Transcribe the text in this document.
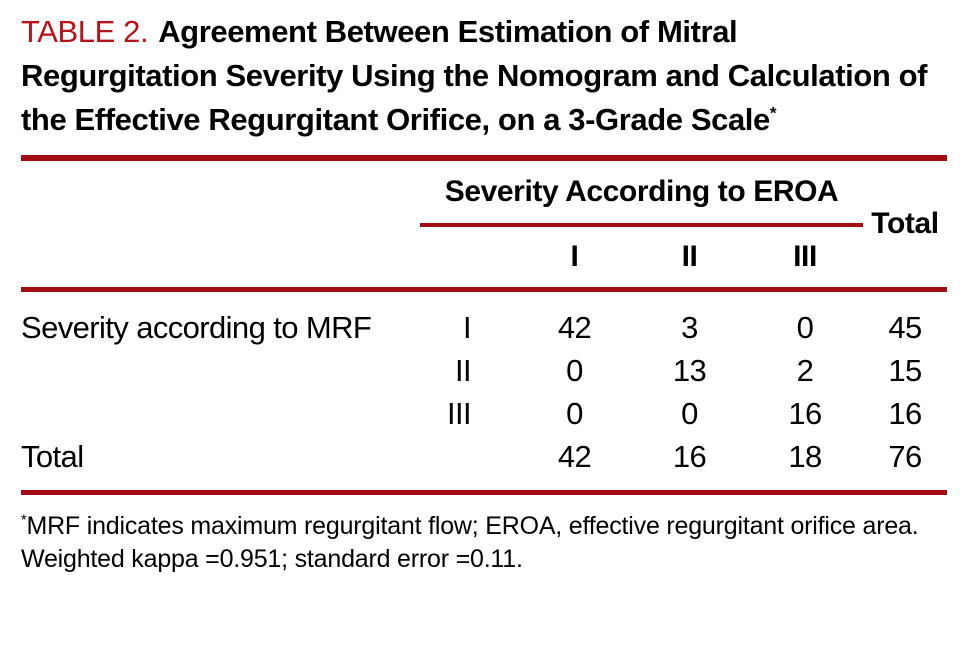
TABLE 2. Agreement Between Estimation of Mitral Regurgitation Severity Using the Nomogram and Calculation of the Effective Regurgitant Orifice, on a 3-Grade Scale*
	Severity According to EROA				Total
		I	II	III	
Severity according to MRF	I	42	3	0	45
	II	0	13	2	15
	III	0	0	16	16
Total		42	16	18	76

*MRF indicates maximum regurgitant flow; EROA, effective regurgitant orifice area. Weighted kappa =0.951; standard error =0.11.
